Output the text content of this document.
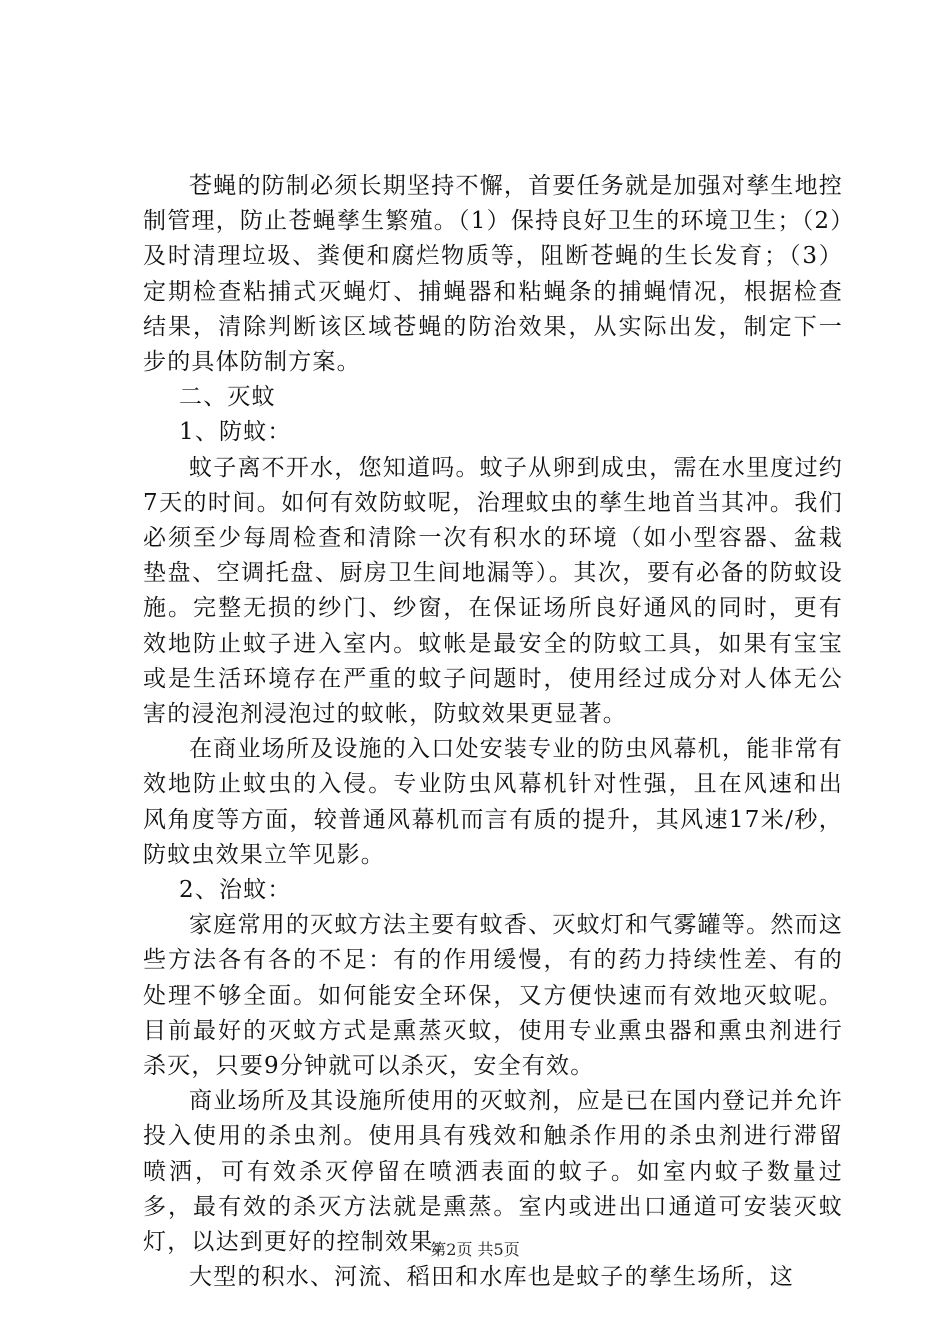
苍蝇的防制必须长期坚持不懈，首要任务就是加强对孳生地控制管理，防止苍蝇孳生繁殖。（1）保持良好卫生的环境卫生；（2）及时清理垃圾、粪便和腐烂物质等，阻断苍蝇的生长发育；（3）定期检查粘捕式灭蝇灯、捕蝇器和粘蝇条的捕蝇情况，根据检查结果，清除判断该区域苍蝇的防治效果，从实际出发，制定下一步的具体防制方案。

二、灭蚊

1、防蚊：

蚊子离不开水，您知道吗。蚊子从卵到成虫，需在水里度过约7天的时间。如何有效防蚊呢，治理蚊虫的孳生地首当其冲。我们必须至少每周检查和清除一次有积水的环境（如小型容器、盆栽垫盘、空调托盘、厨房卫生间地漏等）。其次，要有必备的防蚊设施。完整无损的纱门、纱窗，在保证场所良好通风的同时，更有效地防止蚊子进入室内。蚊帐是最安全的防蚊工具，如果有宝宝或是生活环境存在严重的蚊子问题时，使用经过成分对人体无公害的浸泡剂浸泡过的蚊帐，防蚊效果更显著。

在商业场所及设施的入口处安装专业的防虫风幕机，能非常有效地防止蚊虫的入侵。专业防虫风幕机针对性强，且在风速和出风角度等方面，较普通风幕机而言有质的提升，其风速17米/秒，防蚊虫效果立竿见影。

2、治蚊：

家庭常用的灭蚊方法主要有蚊香、灭蚊灯和气雾罐等。然而这些方法各有各的不足：有的作用缓慢，有的药力持续性差、有的处理不够全面。如何能安全环保，又方便快速而有效地灭蚊呢。目前最好的灭蚊方式是熏蒸灭蚊，使用专业熏虫器和熏虫剂进行杀灭，只要9分钟就可以杀灭，安全有效。

商业场所及其设施所使用的灭蚊剂，应是已在国内登记并允许投入使用的杀虫剂。使用具有残效和触杀作用的杀虫剂进行滞留喷洒，可有效杀灭停留在喷洒表面的蚊子。如室内蚊子数量过多，最有效的杀灭方法就是熏蒸。室内或进出口通道可安装灭蚊灯，以达到更好的控制效果。

大型的积水、河流、稻田和水库也是蚊子的孳生场所，这

第2页 共5页
